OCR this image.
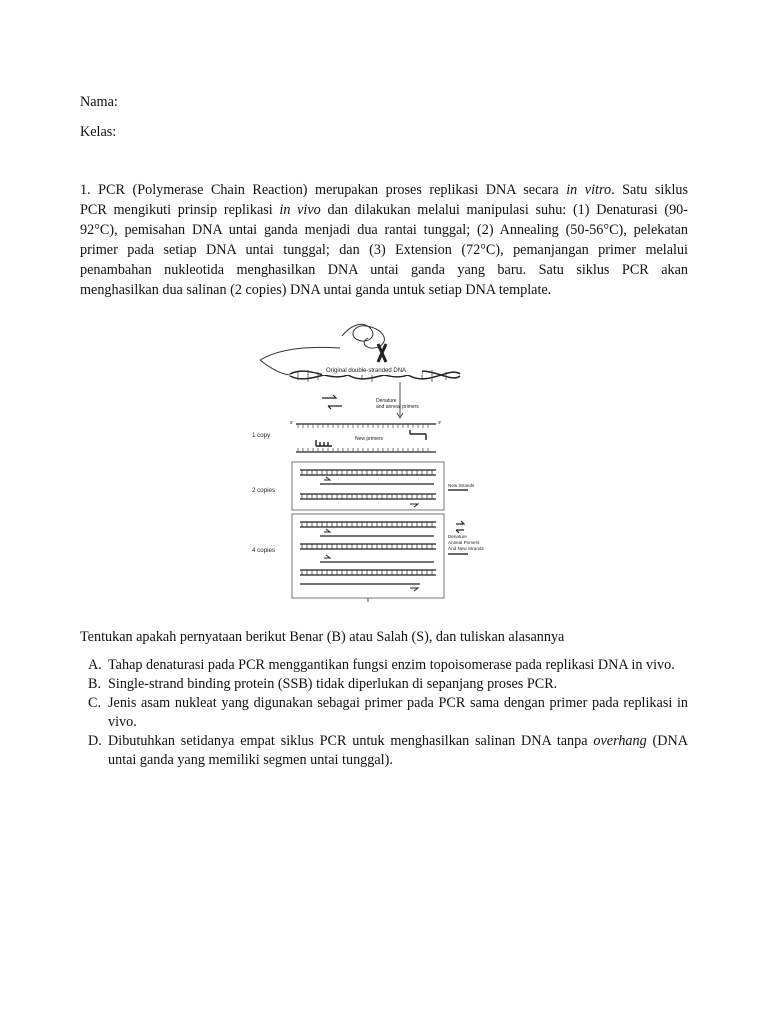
Nama:
Kelas:
1. PCR (Polymerase Chain Reaction) merupakan proses replikasi DNA secara in vitro. Satu siklus
PCR mengikuti prinsip replikasi in vivo dan dilakukan melalui manipulasi suhu: (1) Denaturasi (90-
92°C), pemisahan DNA untai ganda menjadi dua rantai tunggal; (2) Annealing (50-56°C), pelekatan
primer pada setiap DNA untai tunggal; dan (3) Extension (72°C), pemanjangan primer melalui
penambahan nukleotida menghasilkan DNA untai ganda yang baru. Satu siklus PCR akan
menghasilkan dua salinan (2 copies) DNA untai ganda untuk setiap DNA template.
Original double-stranded DNA
Denature
and anneal primers
5'	3'
New primers
1 copy
2 copies
New Strands
4 copies
Denature
Anneal Primers
And New Strands
Tentukan apakah pernyataan berikut Benar (B) atau Salah (S), dan tuliskan alasannya
A. Tahap denaturasi pada PCR menggantikan fungsi enzim topoisomerase pada replikasi DNA in vivo.
B. Single-strand binding protein (SSB) tidak diperlukan di sepanjang proses PCR.
C. Jenis asam nukleat yang digunakan sebagai primer pada PCR sama dengan primer pada replikasi in vivo.
D. Dibutuhkan setidanya empat siklus PCR untuk menghasilkan salinan DNA tanpa overhang (DNA untai ganda yang memiliki segmen untai tunggal).
